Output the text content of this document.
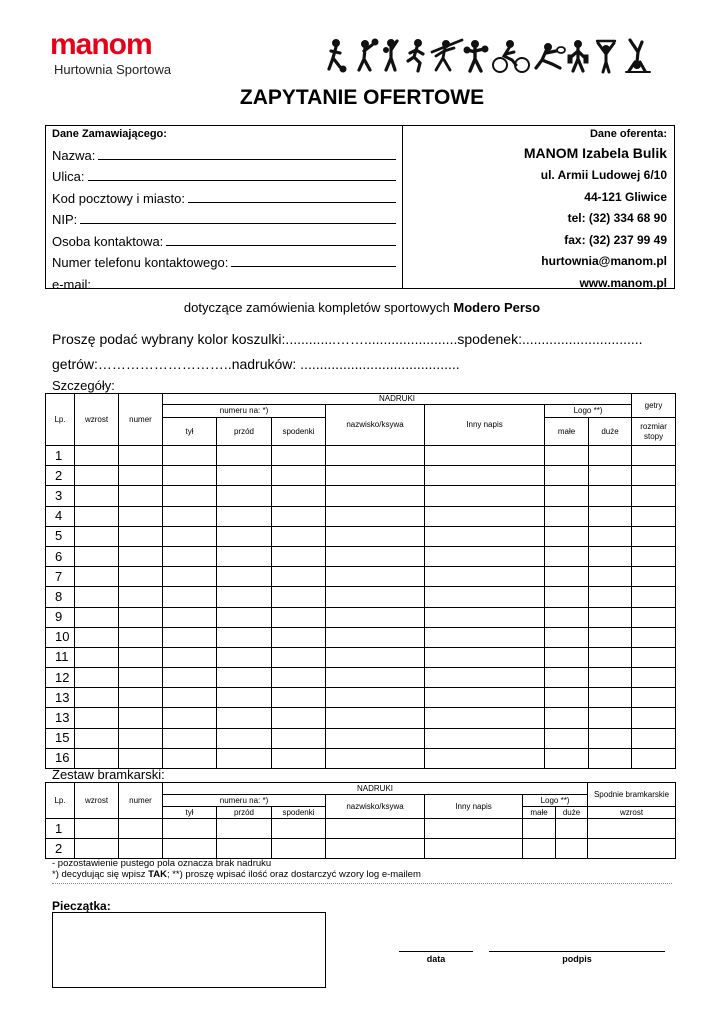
manom
Hurtownia Sportowa
ZAPYTANIE OFERTOWE
Dane Zamawiającego:
Nazwa:
Ulica:
Kod pocztowy i miasto:
NIP:
Osoba kontaktowa:
Numer telefonu kontaktowego:
e-mail:
Dane oferenta:
MANOM Izabela Bulik
ul. Armii Ludowej 6/10
44-121 Gliwice
tel: (32) 334 68 90
fax: (32) 237 99 49
hurtownia@manom.pl
www.manom.pl
dotyczące zamówienia kompletów sportowych Modero Perso
Proszę podać wybrany kolor koszulki:.............……........................spodenek:...............................
getrów:………………………..nadruków: .........................................
Szczegóły:
Lp.	wzrost	numer	NADRUKI							getry
			numeru na: *)			nazwisko/ksywa	Inny napis	Logo **)		
			tył	przód	spodenki			małe	duże	rozmiar stopy
1										
2										
3										
4										
5										
6										
7										
8										
9										
10										
11										
12										
13										
13										
15										
16										
Zestaw bramkarski:
Lp.	wzrost	numer	NADRUKI							Spodnie bramkarskie
			numeru na: *)			nazwisko/ksywa	Inny napis	Logo **)		
			tył	przód	spodenki			małe	duże	wzrost
1										
2										
- pozostawienie pustego pola oznacza brak nadruku
*) decydując się wpisz TAK; **) proszę wpisać ilość oraz dostarczyć wzory log e-mailem
Pieczątka:
data	podpis
